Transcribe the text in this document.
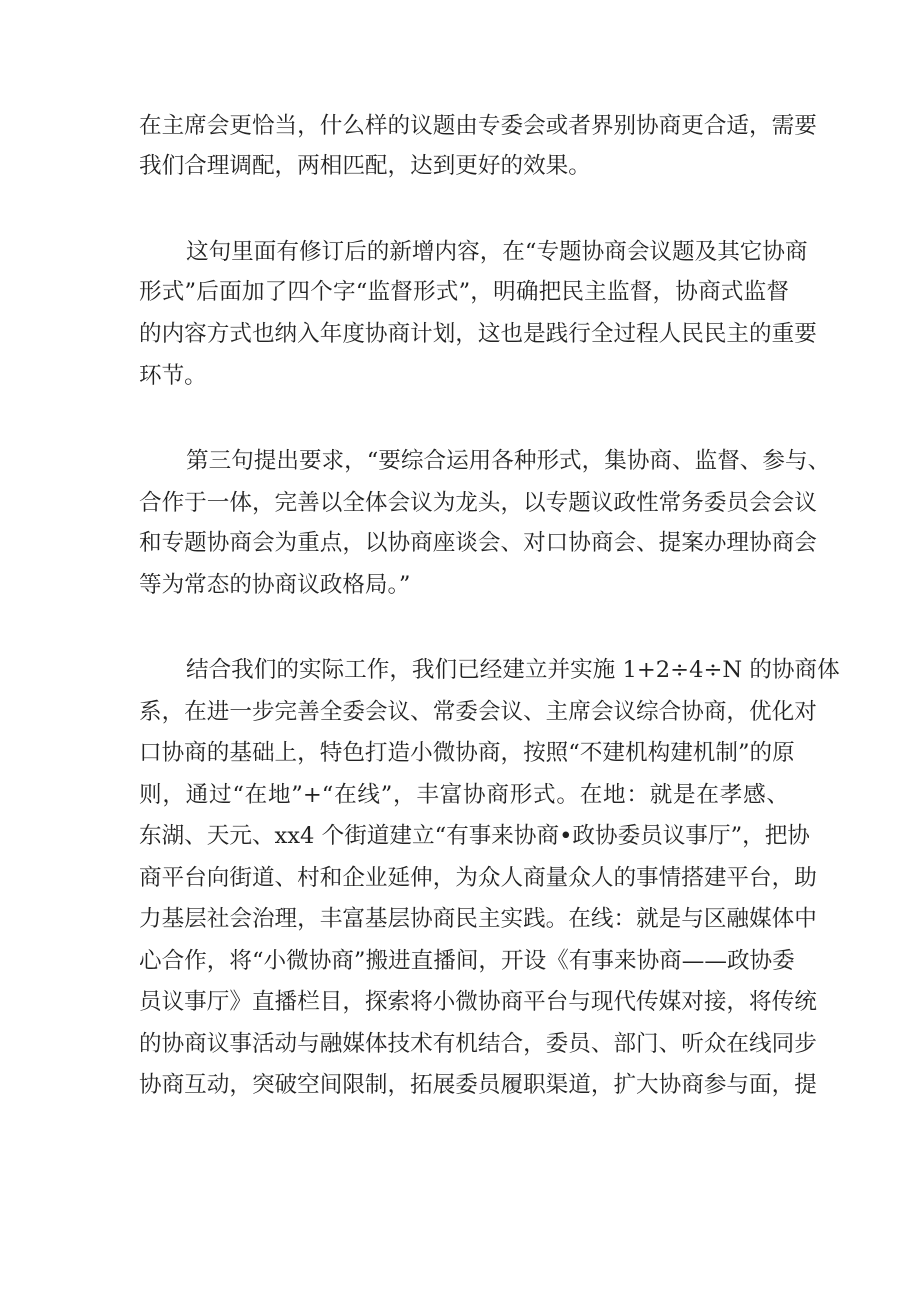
在主席会更恰当，什么样的议题由专委会或者界别协商更合适，需要

我们合理调配，两相匹配，达到更好的效果。

这句里面有修订后的新增内容，在“专题协商会议题及其它协商

形式”后面加了四个字“监督形式”，明确把民主监督，协商式监督

的内容方式也纳入年度协商计划，这也是践行全过程人民民主的重要

环节。

第三句提出要求，“要综合运用各种形式，集协商、监督、参与、

合作于一体，完善以全体会议为龙头，以专题议政性常务委员会会议

和专题协商会为重点，以协商座谈会、对口协商会、提案办理协商会

等为常态的协商议政格局。”

结合我们的实际工作，我们已经建立并实施 1+2÷4÷N 的协商体

系，在进一步完善全委会议、常委会议、主席会议综合协商，优化对

口协商的基础上，特色打造小微协商，按照“不建机构建机制”的原

则，通过“在地”+“在线”，丰富协商形式。在地：就是在孝感、

东湖、天元、xx4 个街道建立“有事来协商•政协委员议事厅”，把协

商平台向街道、村和企业延伸，为众人商量众人的事情搭建平台，助

力基层社会治理，丰富基层协商民主实践。在线：就是与区融媒体中

心合作，将“小微协商”搬进直播间，开设《有事来协商——政协委

员议事厅》直播栏目，探索将小微协商平台与现代传媒对接，将传统

的协商议事活动与融媒体技术有机结合，委员、部门、听众在线同步

协商互动，突破空间限制，拓展委员履职渠道，扩大协商参与面，提
